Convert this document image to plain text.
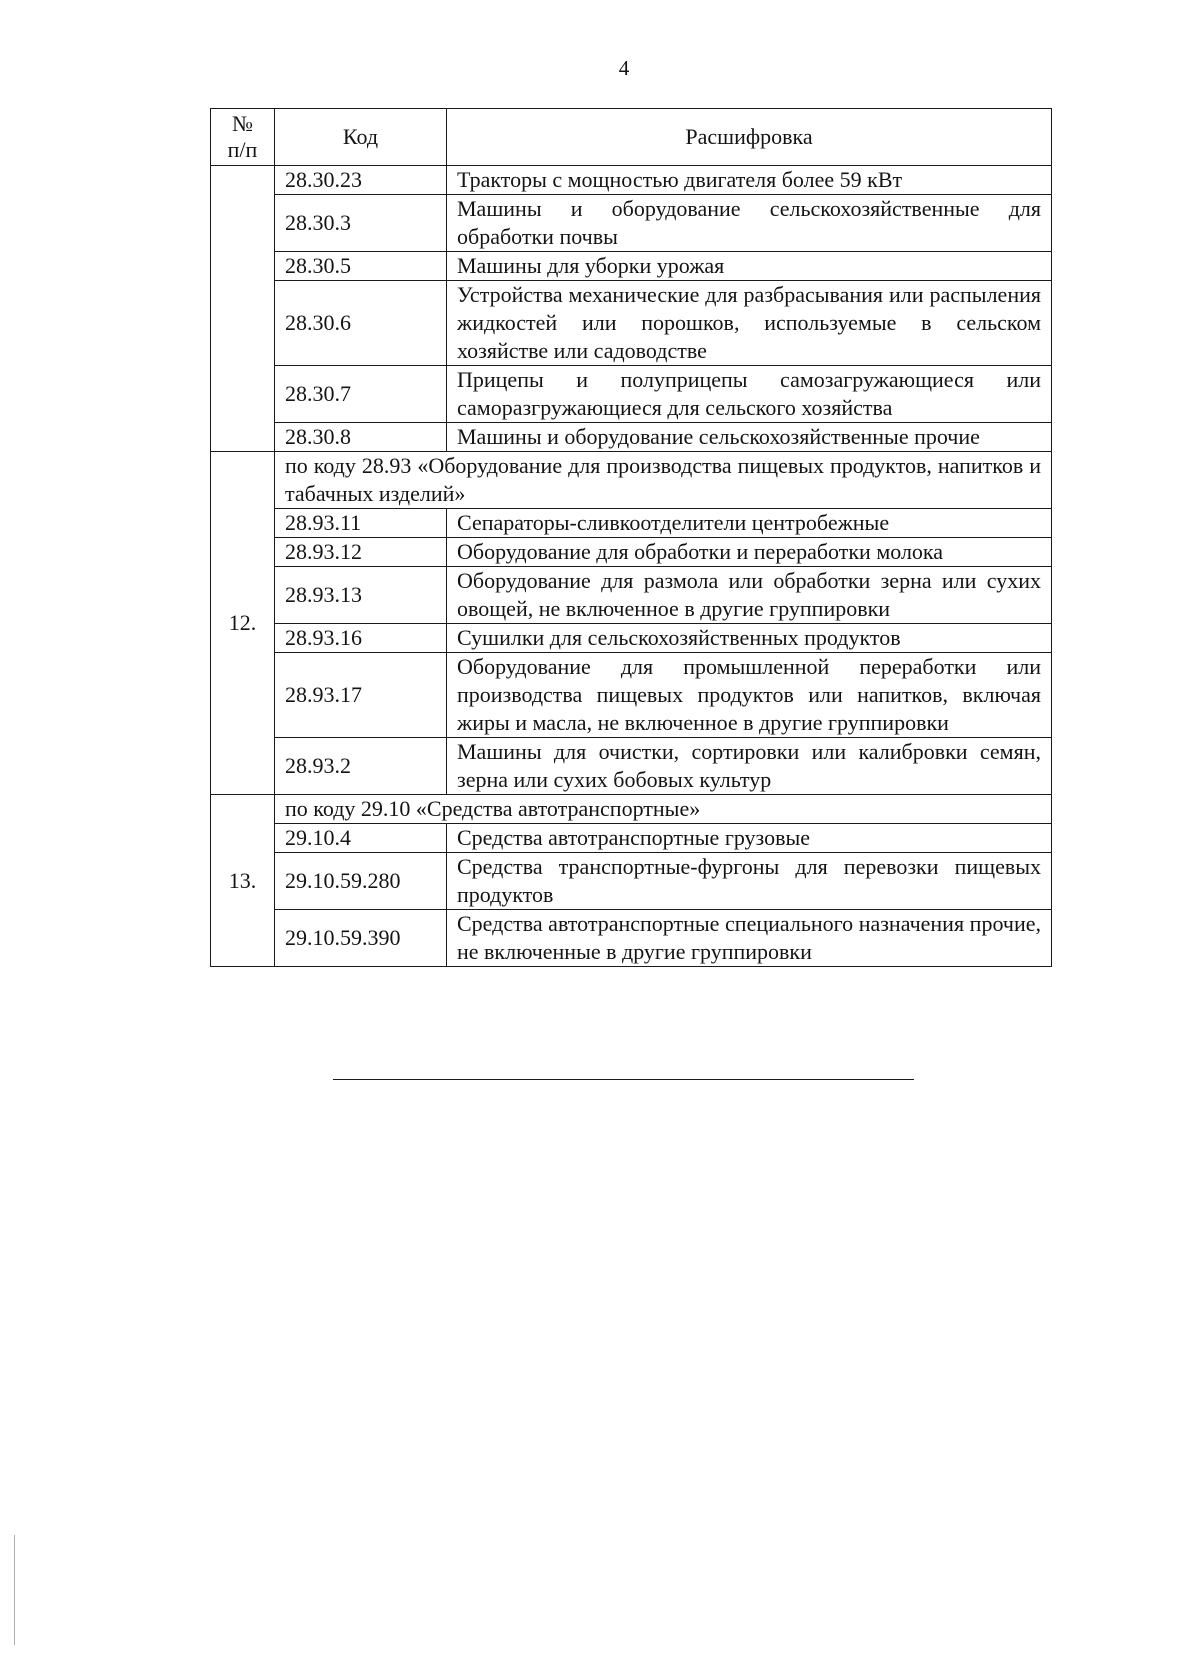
4
№
п/п	Код	Расшифровка
	28.30.23	Тракторы с мощностью двигателя более 59 кВт
	28.30.3	Машины и оборудование сельскохозяйственные для обработки почвы
	28.30.5	Машины для уборки урожая
	28.30.6	Устройства механические для разбрасывания или распыления жидкостей или порошков, используемые в сельском хозяйстве или садоводстве
	28.30.7	Прицепы и полуприцепы самозагружающиеся или саморазгружающиеся для сельского хозяйства
	28.30.8	Машины и оборудование сельскохозяйственные прочие
12.	по коду 28.93 «Оборудование для производства пищевых продуктов, напитков и табачных изделий»	
	28.93.11	Сепараторы-сливкоотделители центробежные
	28.93.12	Оборудование для обработки и переработки молока
	28.93.13	Оборудование для размола или обработки зерна или сухих овощей, не включенное в другие группировки
	28.93.16	Сушилки для сельскохозяйственных продуктов
	28.93.17	Оборудование для промышленной переработки или производства пищевых продуктов или напитков, включая жиры и масла, не включенное в другие группировки
	28.93.2	Машины для очистки, сортировки или калибровки семян, зерна или сухих бобовых культур
13.	по коду 29.10 «Средства автотранспортные»	
	29.10.4	Средства автотранспортные грузовые
	29.10.59.280	Средства транспортные-фургоны для перевозки пищевых продуктов
	29.10.59.390	Средства автотранспортные специального назначения прочие, не включенные в другие группировки
